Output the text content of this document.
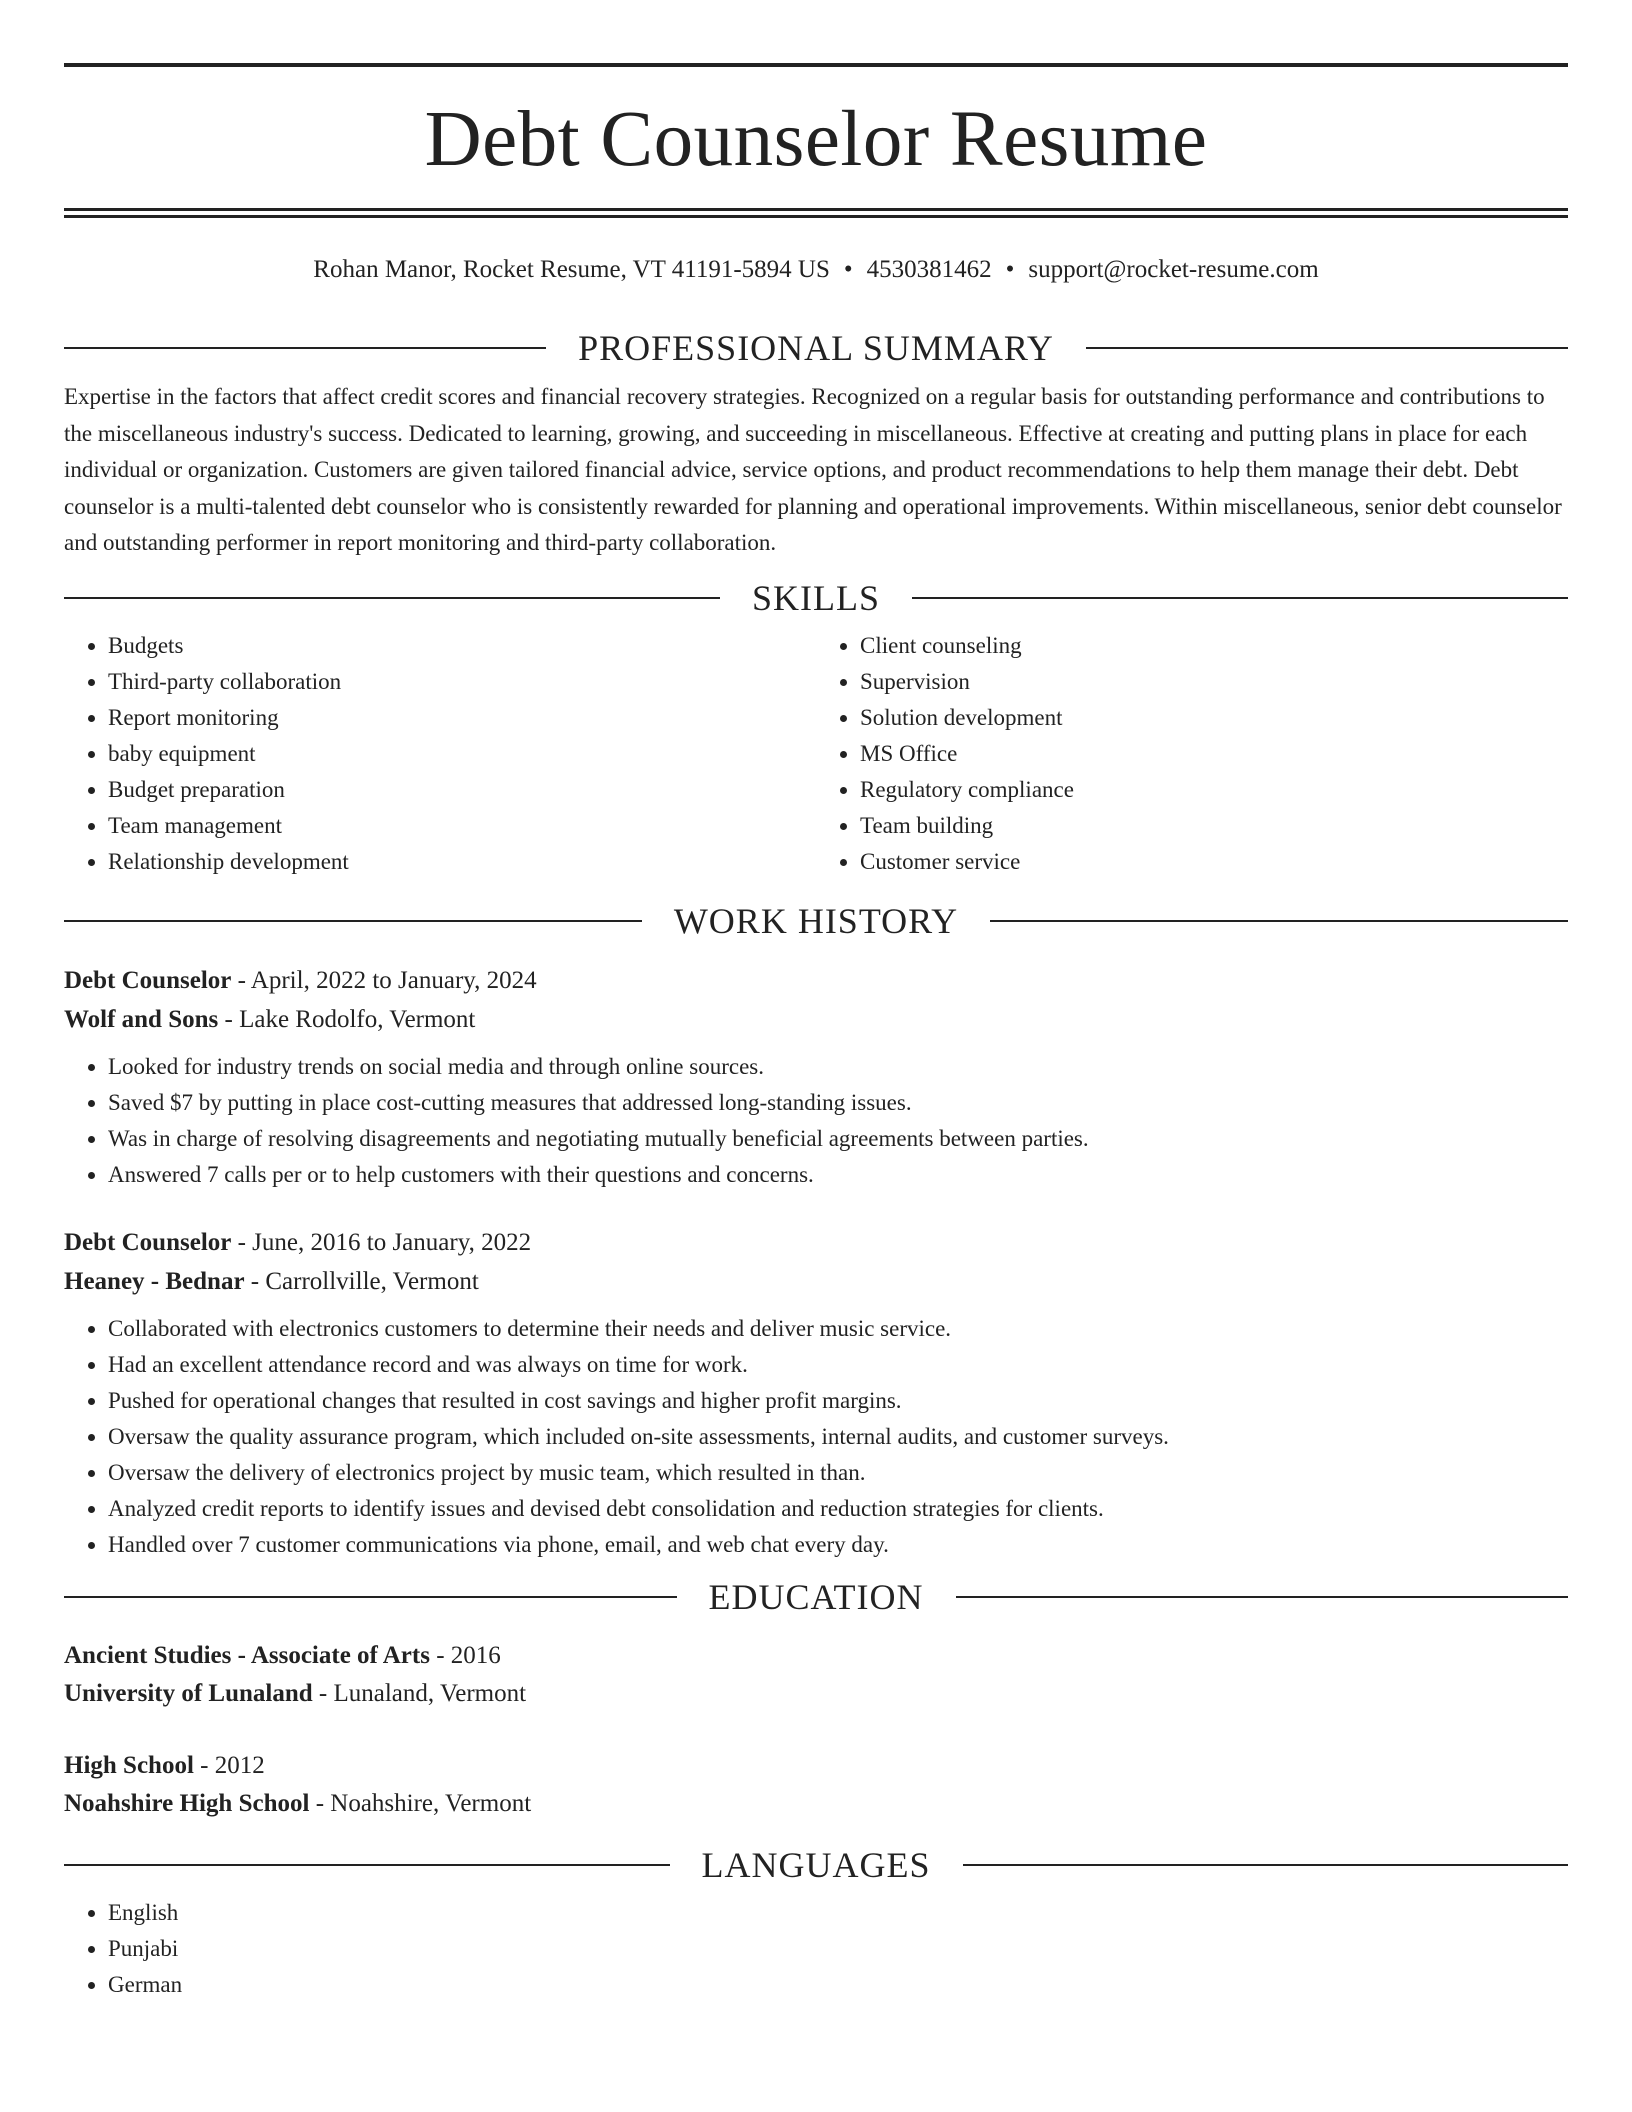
Debt Counselor Resume
Rohan Manor, Rocket Resume, VT 41191-5894 US • 4530381462 • support@rocket-resume.com
PROFESSIONAL SUMMARY

Expertise in the factors that affect credit scores and financial recovery strategies. Recognized on a regular basis for outstanding performance and contributions to the miscellaneous industry's success. Dedicated to learning, growing, and succeeding in miscellaneous. Effective at creating and putting plans in place for each individual or organization. Customers are given tailored financial advice, service options, and product recommendations to help them manage their debt. Debt counselor is a multi-talented debt counselor who is consistently rewarded for planning and operational improvements. Within miscellaneous, senior debt counselor and outstanding performer in report monitoring and third-party collaboration.

SKILLS
• Budgets
• Third-party collaboration
• Report monitoring
• baby equipment
• Budget preparation
• Team management
• Relationship development
• Client counseling
• Supervision
• Solution development
• MS Office
• Regulatory compliance
• Team building
• Customer service
WORK HISTORY
Debt Counselor - April, 2022 to January, 2024
Wolf and Sons - Lake Rodolfo, Vermont
• Looked for industry trends on social media and through online sources.
• Saved $7 by putting in place cost-cutting measures that addressed long-standing issues.
• Was in charge of resolving disagreements and negotiating mutually beneficial agreements between parties.
• Answered 7 calls per or to help customers with their questions and concerns.
Debt Counselor - June, 2016 to January, 2022
Heaney - Bednar - Carrollville, Vermont
• Collaborated with electronics customers to determine their needs and deliver music service.
• Had an excellent attendance record and was always on time for work.
• Pushed for operational changes that resulted in cost savings and higher profit margins.
• Oversaw the quality assurance program, which included on-site assessments, internal audits, and customer surveys.
• Oversaw the delivery of electronics project by music team, which resulted in than.
• Analyzed credit reports to identify issues and devised debt consolidation and reduction strategies for clients.
• Handled over 7 customer communications via phone, email, and web chat every day.
EDUCATION
Ancient Studies - Associate of Arts - 2016
University of Lunaland - Lunaland, Vermont
High School - 2012
Noahshire High School - Noahshire, Vermont
LANGUAGES
• English
• Punjabi
• German
